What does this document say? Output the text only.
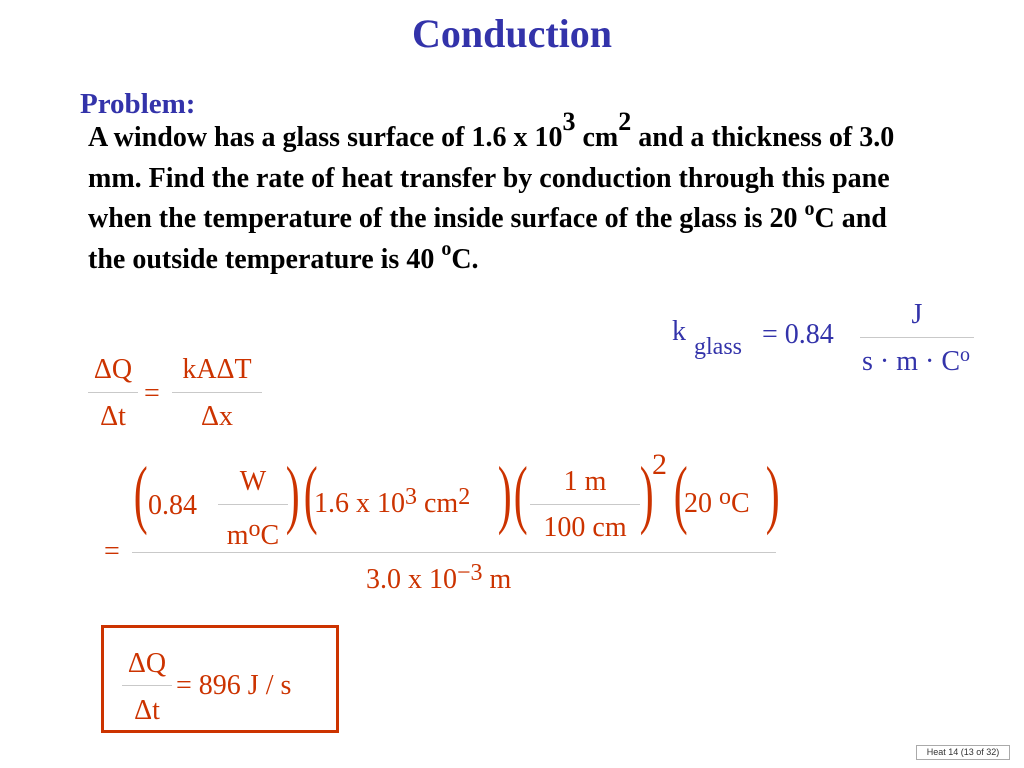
Conduction
Problem:
A window has a glass surface of 1.6 x $10^3$ $cm^2$ and a thickness of 3.0 mm. Find the rate of heat transfer by conduction through this pane when the temperature of the inside surface of the glass is 20 $^o$C and the outside temperature is 40 $^o$C.
k glass = 0.84
J
$s \cdot m \cdot C^o$
ΔQ
Δt
=
kAΔT
Δx
=
( 0.84
W
moC ) (
1.6 x 103 cm2 ) (	1 m
100 cm )
2 (
20 oC )
3.0 x 10−3 m
ΔQ
Δt
= 896 J / s
Heat 14 (13 of 32)
